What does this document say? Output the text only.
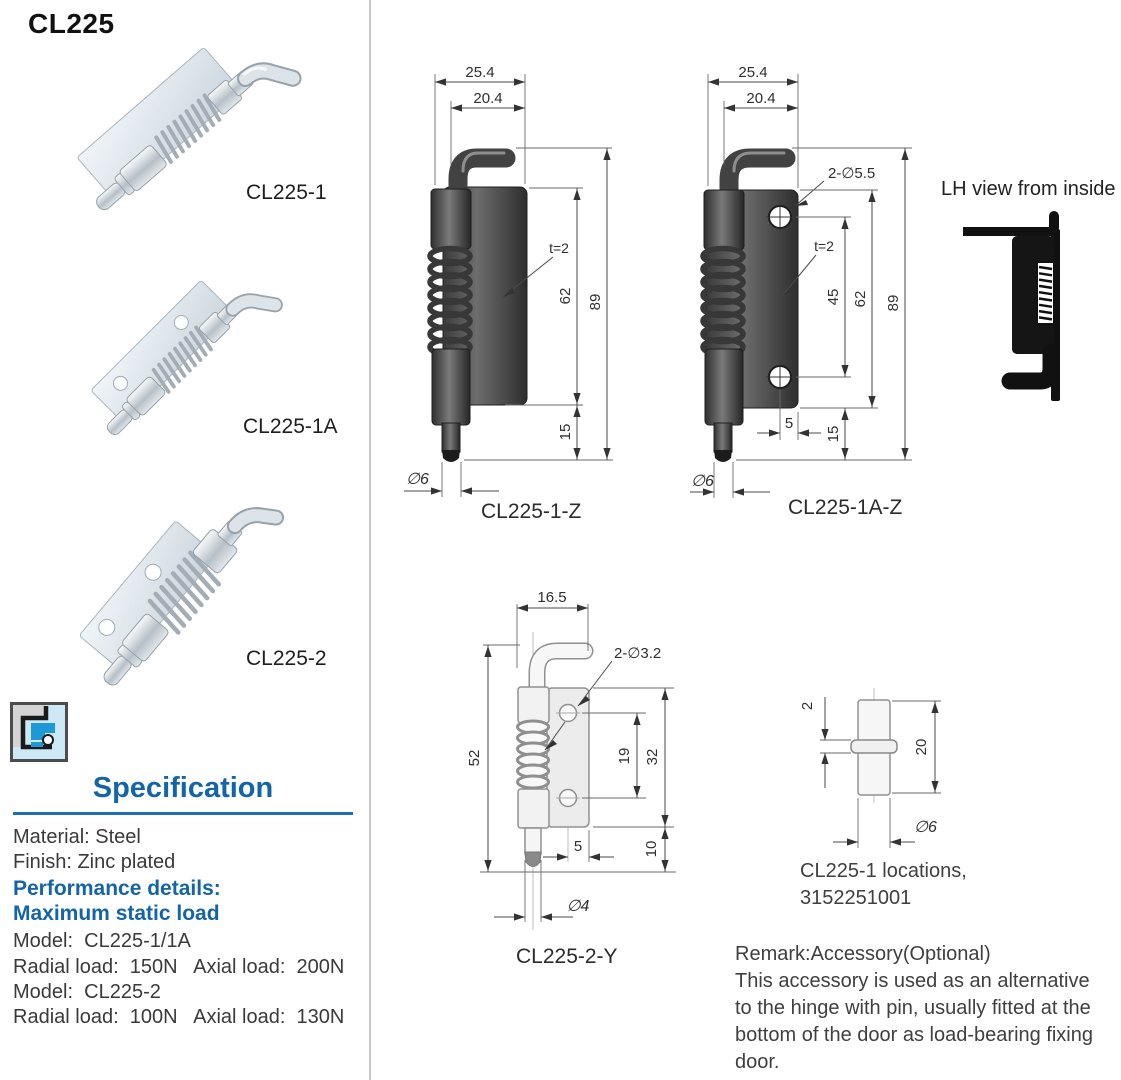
CL225
CL225-1
CL225-1A
CL225-2
Specification
Material: Steel
Finish: Zinc plated
Performance details:
Maximum static load
Model:  CL225-1/1A
Radial load:  150N   Axial load:  200N
Model:  CL225-2
Radial load:  100N   Axial load:  130N
25.4
20.4
62
15
89
t=2
∅6
CL225-1-Z
25.4
20.4
2-∅5.5
t=2
45 62
15
89
5
∅6
CL225-1A-Z
LH view from inside
16.5
2-∅3.2
52	19 32
10
5
∅4
CL225-2-Y
2
20
∅6
CL225-1 locations,
3152251001
Remark:Accessory(Optional)
This accessory is used as an alternative
to the hinge with pin, usually fitted at the
bottom of the door as load-bearing fixing
door.
